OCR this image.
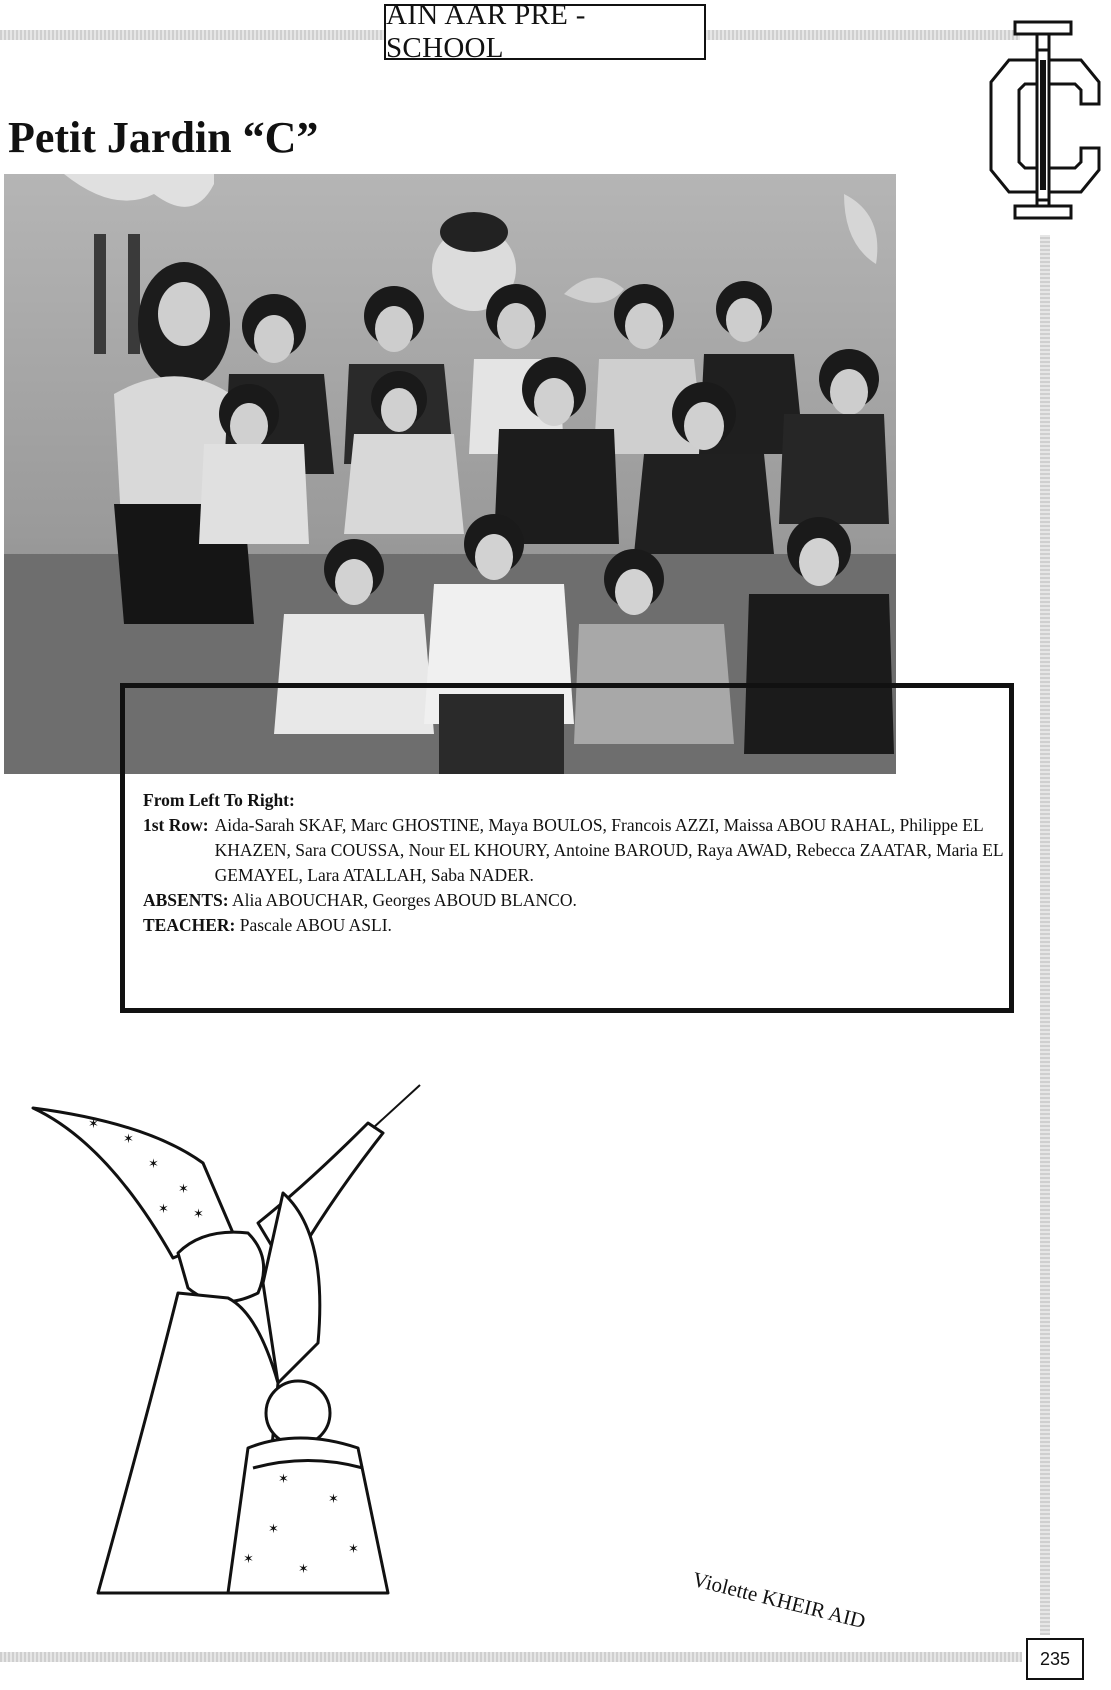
AIN AAR PRE - SCHOOL
Petit Jardin “C”
From Left To Right:
1st Row: Aida-Sarah SKAF, Marc GHOSTINE, Maya BOULOS, Francois AZZI, Maissa ABOU RAHAL, Philippe EL KHAZEN, Sara COUSSA, Nour EL KHOURY, Antoine BAROUD, Raya AWAD, Rebecca ZAATAR, Maria EL GEMAYEL, Lara ATALLAH, Saba NADER.
ABSENTS: Alia ABOUCHAR, Georges ABOUD BLANCO.
TEACHER: Pascale ABOU ASLI.
✶
✶
✶
✶
✶
✶
✶
✶
✶
✶
✶
✶
Violette KHEIR AID
235
